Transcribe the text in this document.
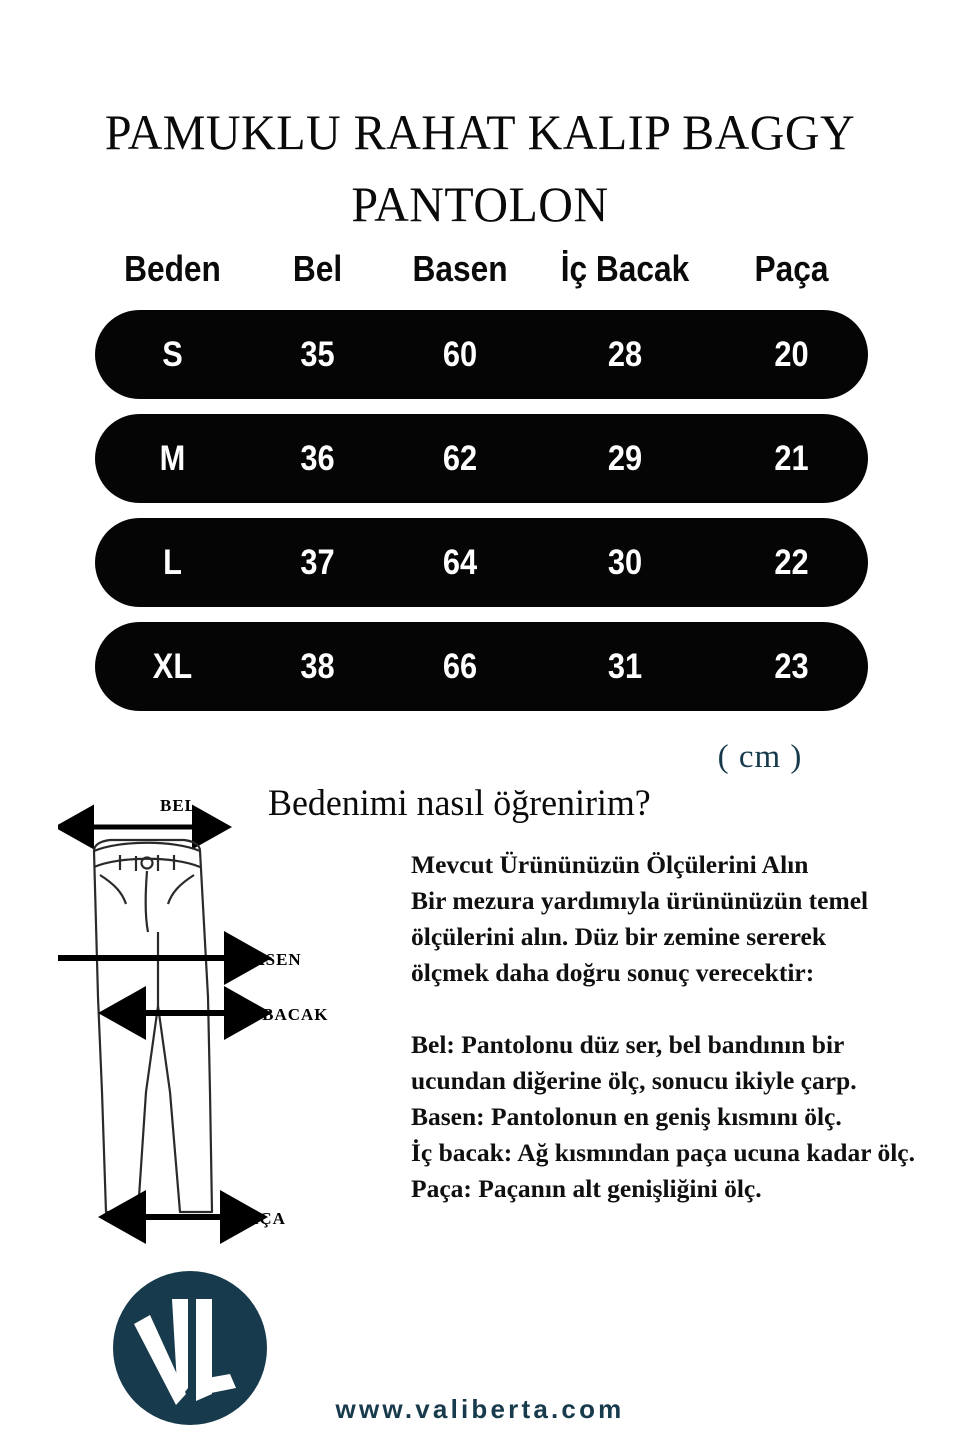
PAMUKLU RAHAT KALIP BAGGY
PANTOLON
Beden	Bel	Basen	İç Bacak	Paça
S	35	60	28	20
M	36	62	29	21
L	37	64	30	22
XL	38	66	31	23
( cm )
Bedenimi nasıl öğrenirim?
Mevcut Ürününüzün Ölçülerini Alın
Bir mezura yardımıyla ürününüzün temel
ölçülerini alın. Düz bir zemine sererek
ölçmek daha doğru sonuç verecektir:
Bel: Pantolonu düz ser, bel bandının bir
ucundan diğerine ölç, sonucu ikiyle çarp.
Basen: Pantolonun en geniş kısmını ölç.
İç bacak: Ağ kısmından paça ucuna kadar ölç.
Paça: Paçanın alt genişliğini ölç.
BEL
BASEN
İÇ BACAK
PAÇA
www.valiberta.com
